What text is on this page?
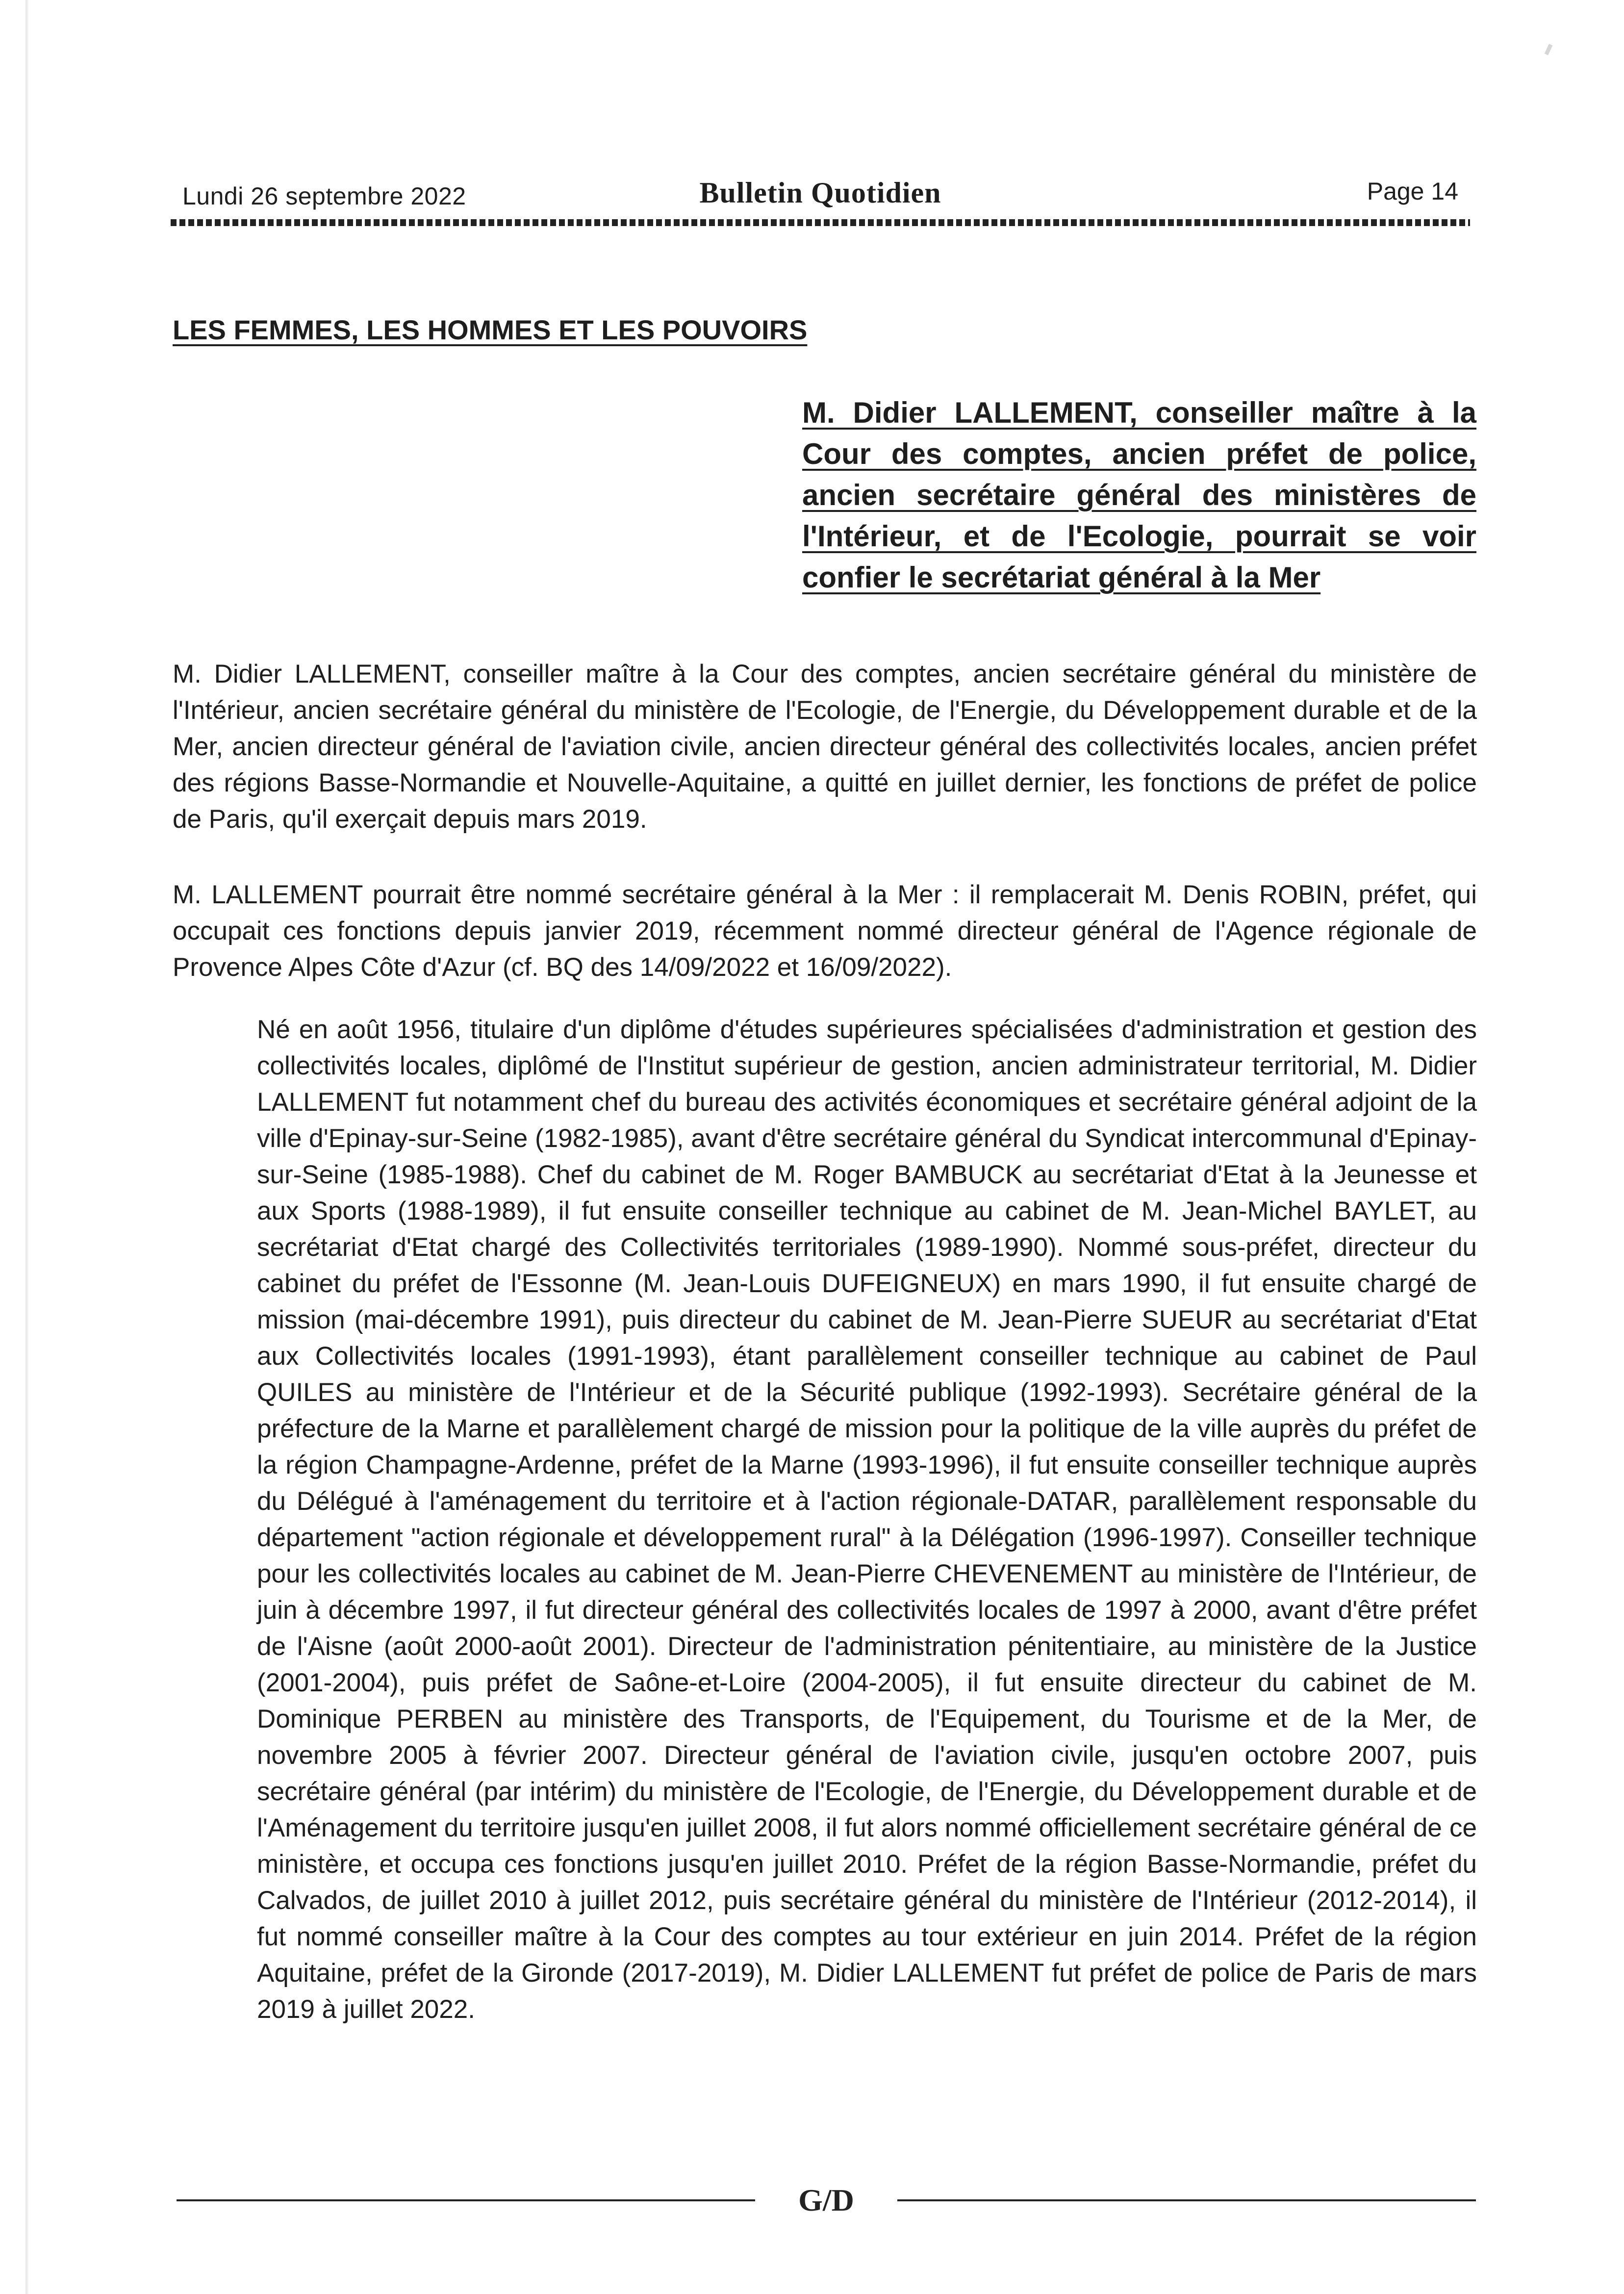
Lundi 26 septembre 2022	Bulletin Quotidien	Page 14
LES FEMMES, LES HOMMES ET LES POUVOIRS
M. Didier LALLEMENT, conseiller maître à la Cour des comptes, ancien préfet de police, ancien secrétaire général des ministères de l'Intérieur, et de l'Ecologie, pourrait se voir confier le secrétariat général à la Mer

M. Didier LALLEMENT, conseiller maître à la Cour des comptes, ancien secrétaire général du ministère de l'Intérieur, ancien secrétaire général du ministère de l'Ecologie, de l'Energie, du Développement durable et de la Mer, ancien directeur général de l'aviation civile, ancien directeur général des collectivités locales, ancien préfet des régions Basse-Normandie et Nouvelle-Aquitaine, a quitté en juillet dernier, les fonctions de préfet de police de Paris, qu'il exerçait depuis mars 2019.

M. LALLEMENT pourrait être nommé secrétaire général à la Mer : il remplacerait M. Denis ROBIN, préfet, qui occupait ces fonctions depuis janvier 2019, récemment nommé directeur général de l'Agence régionale de Provence Alpes Côte d'Azur (cf. BQ des 14/09/2022 et 16/09/2022).

Né en août 1956, titulaire d'un diplôme d'études supérieures spécialisées d'administration et gestion des collectivités locales, diplômé de l'Institut supérieur de gestion, ancien administrateur territorial, M. Didier LALLEMENT fut notamment chef du bureau des activités économiques et secrétaire général adjoint de la ville d'Epinay-sur-Seine (1982-1985), avant d'être secrétaire général du Syndicat intercommunal d'Epinay-sur-Seine (1985-1988). Chef du cabinet de M. Roger BAMBUCK au secrétariat d'Etat à la Jeunesse et aux Sports (1988-1989), il fut ensuite conseiller technique au cabinet de M. Jean-Michel BAYLET, au secrétariat d'Etat chargé des Collectivités territoriales (1989-1990). Nommé sous-préfet, directeur du cabinet du préfet de l'Essonne (M. Jean-Louis DUFEIGNEUX) en mars 1990, il fut ensuite chargé de mission (mai-décembre 1991), puis directeur du cabinet de M. Jean-Pierre SUEUR au secrétariat d'Etat aux Collectivités locales (1991-1993), étant parallèlement conseiller technique au cabinet de Paul QUILES au ministère de l'Intérieur et de la Sécurité publique (1992-1993). Secrétaire général de la préfecture de la Marne et parallèlement chargé de mission pour la politique de la ville auprès du préfet de la région Champagne-Ardenne, préfet de la Marne (1993-1996), il fut ensuite conseiller technique auprès du Délégué à l'aménagement du territoire et à l'action régionale-DATAR, parallèlement responsable du département "action régionale et développement rural" à la Délégation (1996-1997). Conseiller technique pour les collectivités locales au cabinet de M. Jean-Pierre CHEVENEMENT au ministère de l'Intérieur, de juin à décembre 1997, il fut directeur général des collectivités locales de 1997 à 2000, avant d'être préfet de l'Aisne (août 2000-août 2001). Directeur de l'administration pénitentiaire, au ministère de la Justice (2001-2004), puis préfet de Saône-et-Loire (2004-2005), il fut ensuite directeur du cabinet de M. Dominique PERBEN au ministère des Transports, de l'Equipement, du Tourisme et de la Mer, de novembre 2005 à février 2007. Directeur général de l'aviation civile, jusqu'en octobre 2007, puis secrétaire général (par intérim) du ministère de l'Ecologie, de l'Energie, du Développement durable et de l'Aménagement du territoire jusqu'en juillet 2008, il fut alors nommé officiellement secrétaire général de ce ministère, et occupa ces fonctions jusqu'en juillet 2010. Préfet de la région Basse-Normandie, préfet du Calvados, de juillet 2010 à juillet 2012, puis secrétaire général du ministère de l'Intérieur (2012-2014), il fut nommé conseiller maître à la Cour des comptes au tour extérieur en juin 2014. Préfet de la région Aquitaine, préfet de la Gironde (2017-2019), M. Didier LALLEMENT fut préfet de police de Paris de mars 2019 à juillet 2022.

G/D
